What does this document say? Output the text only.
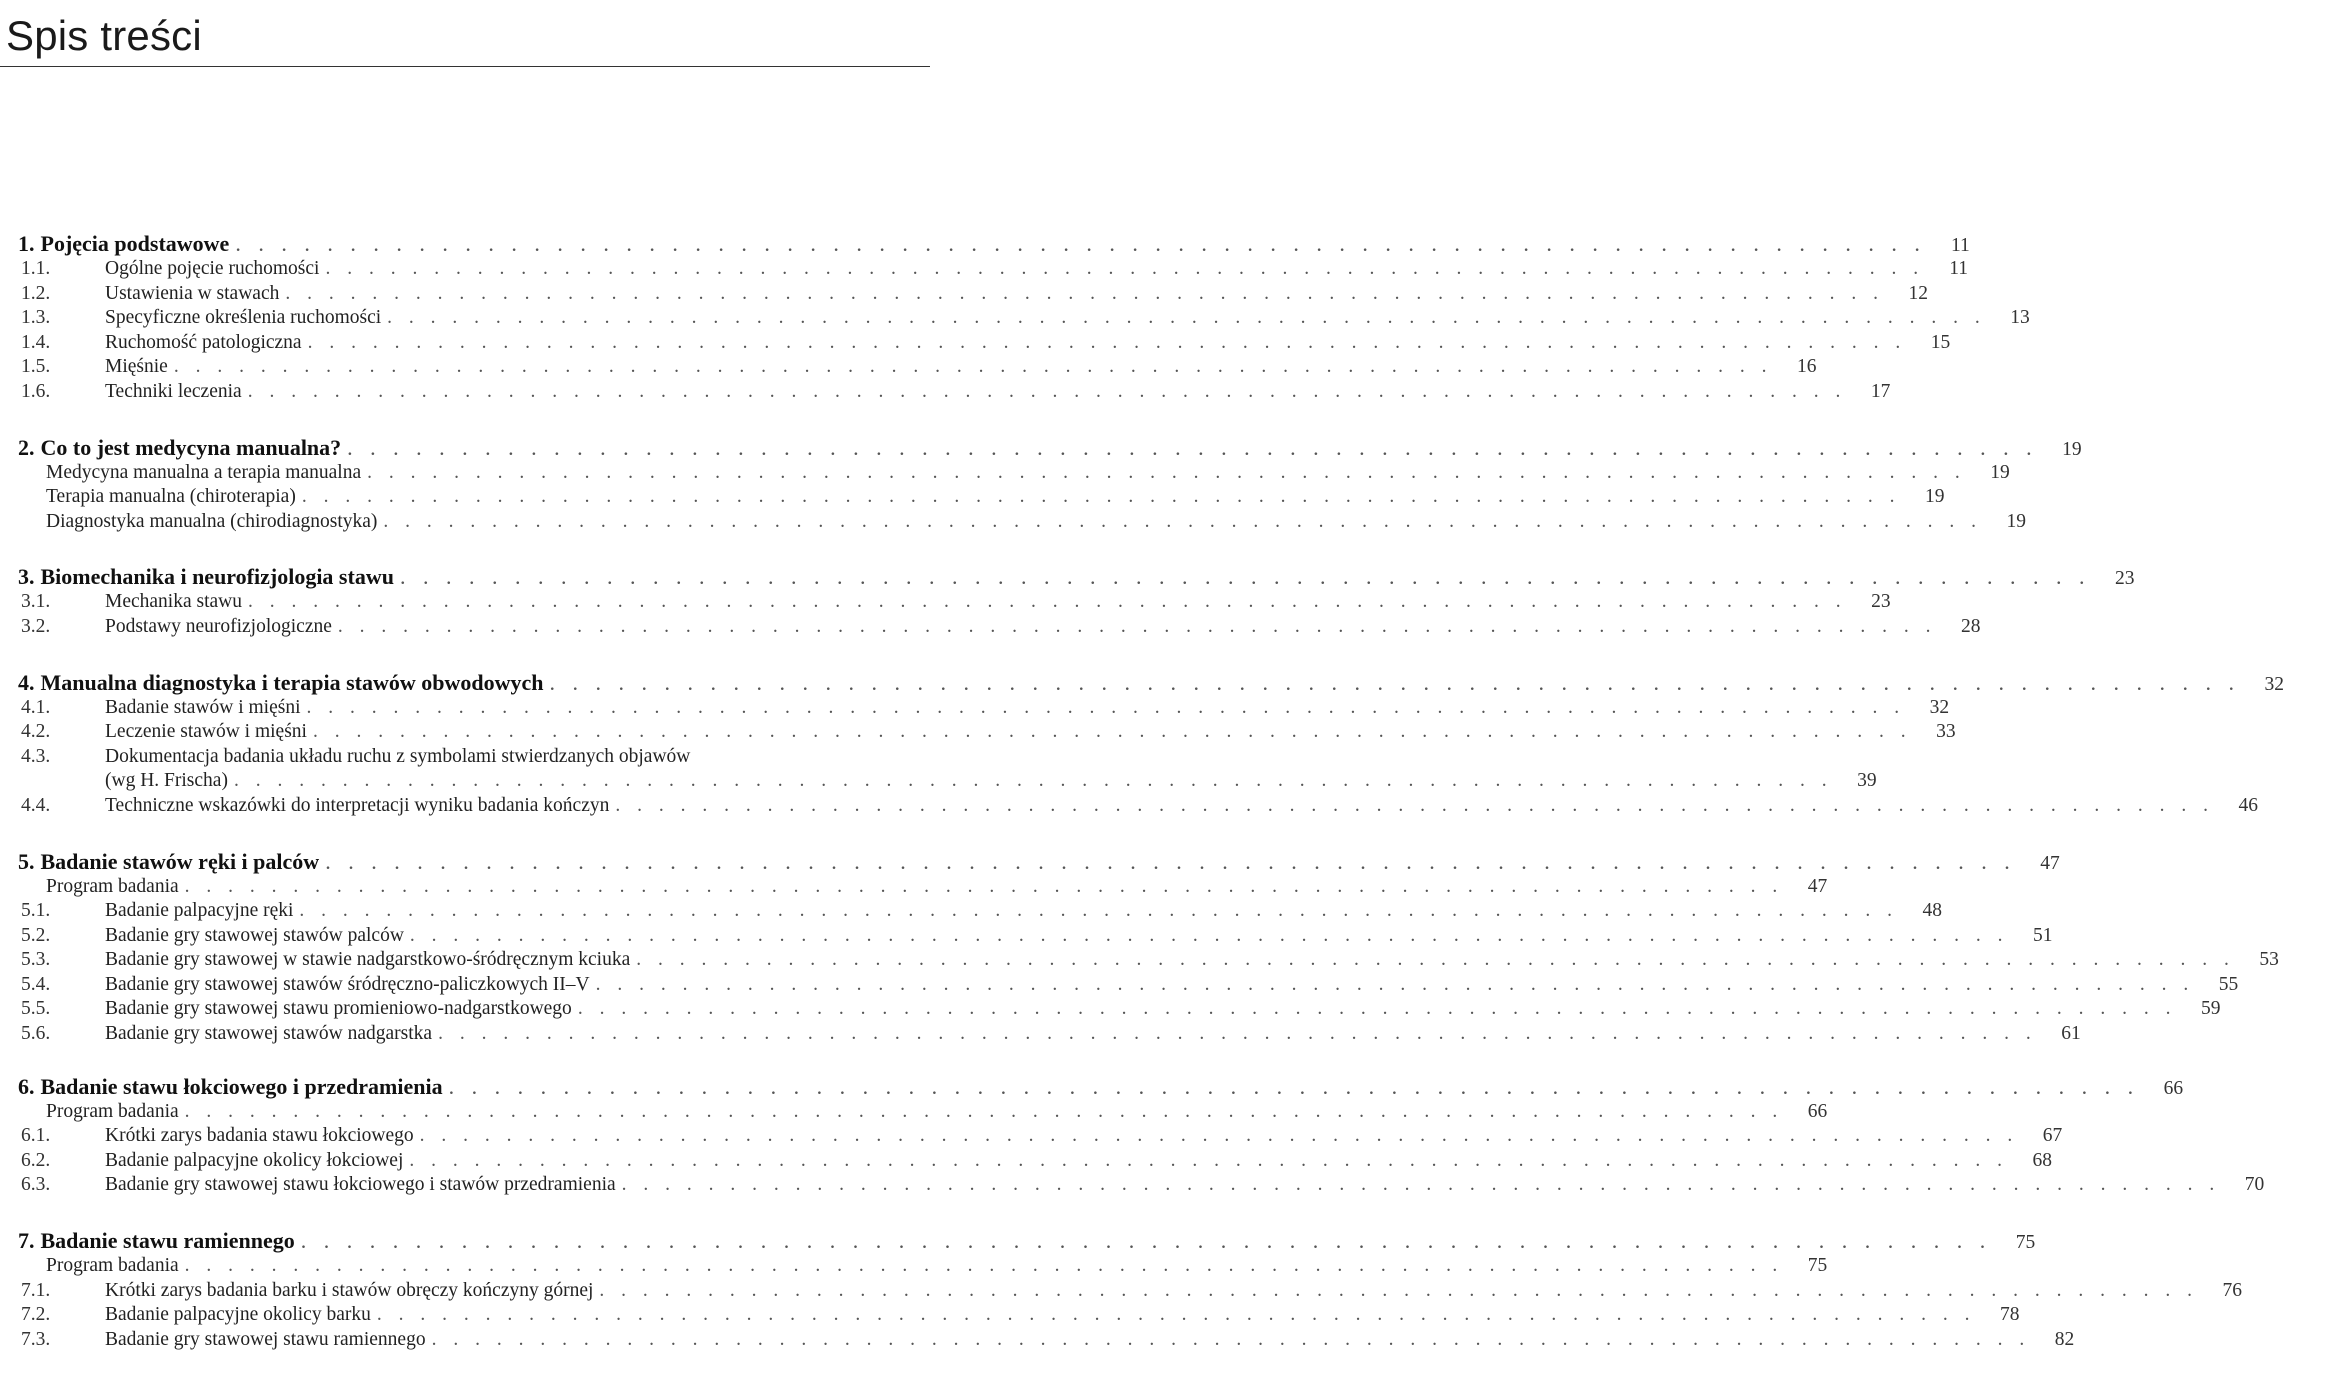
Spis treści
1. Pojęcia podstawowe . . .	11
1.1.	Ogólne pojęcie ruchomości . . .	11
1.2.	Ustawienia w stawach . . .	12
1.3.	Specyficzne określenia ruchomości . . .	13
1.4.	Ruchomość patologiczna . . .	15
1.5.	Mięśnie . . .	16
1.6.	Techniki leczenia . . .	17
2. Co to jest medycyna manualna? . . .	19
Medycyna manualna a terapia manualna . . .	19
Terapia manualna (chiroterapia) . . .	19
Diagnostyka manualna (chirodiagnostyka) . . .	19
3. Biomechanika i neurofizjologia stawu . . .	23
3.1.	Mechanika stawu . . .	23
3.2.	Podstawy neurofizjologiczne . . .	28
4. Manualna diagnostyka i terapia stawów obwodowych . . .	32
4.1.	Badanie stawów i mięśni . . .	32
4.2.	Leczenie stawów i mięśni . . .	33
4.3.	Dokumentacja badania układu ruchu z symbolami stwierdzanych objawów
(wg H. Frischa) . . .	39
4.4.	Techniczne wskazówki do interpretacji wyniku badania kończyn . . .	46
5. Badanie stawów ręki i palców . . .	47
Program badania . . .	47
5.1.	Badanie palpacyjne ręki . . .	48
5.2.	Badanie gry stawowej stawów palców . . .	51
5.3.	Badanie gry stawowej w stawie nadgarstkowo-śródręcznym kciuka . . .	53
5.4.	Badanie gry stawowej stawów śródręczno-paliczkowych II–V . . .	55
5.5.	Badanie gry stawowej stawu promieniowo-nadgarstkowego . . .	59
5.6.	Badanie gry stawowej stawów nadgarstka . . .	61
6. Badanie stawu łokciowego i przedramienia . . .	66
Program badania . . .	66
6.1.	Krótki zarys badania stawu łokciowego . . .	67
6.2.	Badanie palpacyjne okolicy łokciowej . . .	68
6.3.	Badanie gry stawowej stawu łokciowego i stawów przedramienia . . .	70
7. Badanie stawu ramiennego . . .	75
Program badania . . .	75
7.1.	Krótki zarys badania barku i stawów obręczy kończyny górnej . . .	76
7.2.	Badanie palpacyjne okolicy barku . . .	78
7.3.	Badanie gry stawowej stawu ramiennego . . .	82
